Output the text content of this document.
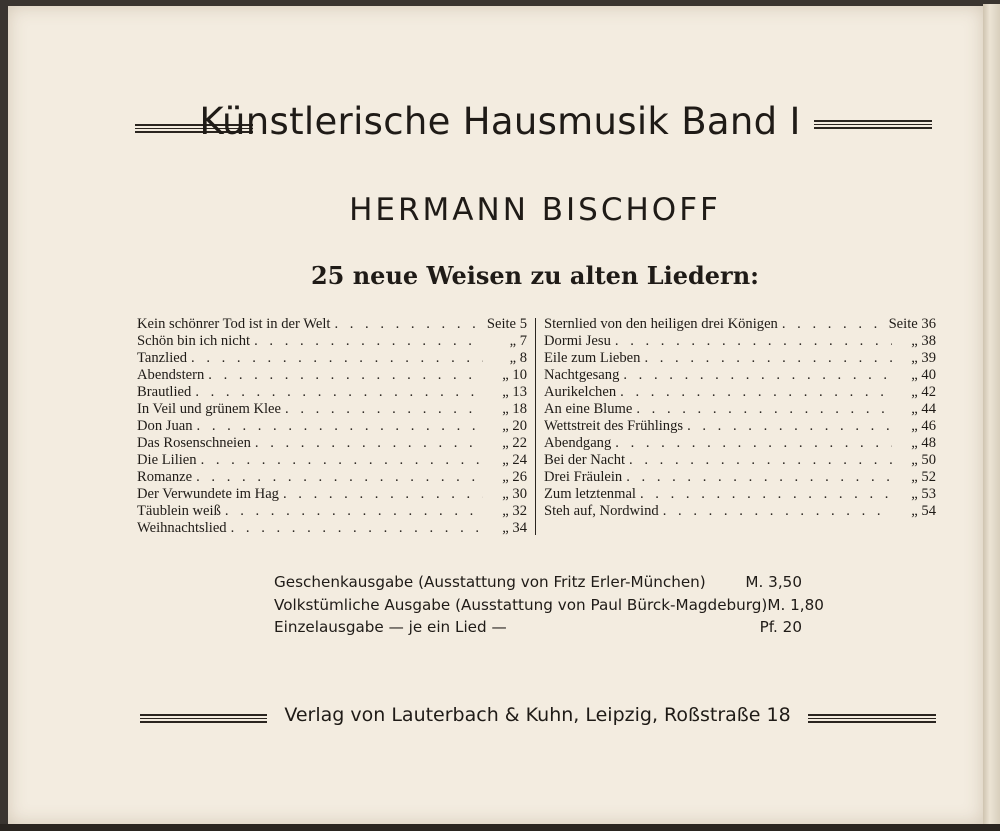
Künstlerische Hausmusik Band I
HERMANN BISCHOFF
25 neue Weisen zu alten Liedern:
Kein schönrer Tod ist in der Welt . . .	Seite 5
Schön bin ich nicht . . .	„ 7
Tanzlied . . .	„ 8
Abendstern . . .	„ 10
Brautlied . . .	„ 13
In Veil und grünem Klee . . .	„ 18
Don Juan . . .	„ 20
Das Rosenschneien . . .	„ 22
Die Lilien . . .	„ 24
Romanze . . .	„ 26
Der Verwundete im Hag . . .	„ 30
Täublein weiß . . .	„ 32
Weihnachtslied . . .	„ 34
Sternlied von den heiligen drei Königen . . .	Seite 36
Dormi Jesu . . .	„ 38
Eile zum Lieben . . .	„ 39
Nachtgesang . . .	„ 40
Aurikelchen . . .	„ 42
An eine Blume . . .	„ 44
Wettstreit des Frühlings . . .	„ 46
Abendgang . . .	„ 48
Bei der Nacht . . .	„ 50
Drei Fräulein . . .	„ 52
Zum letztenmal . . .	„ 53
Steh auf, Nordwind . . .	„ 54
Geschenkausgabe (Ausstattung von Fritz Erler-München)	M. 3,50
Volkstümliche Ausgabe (Ausstattung von Paul Bürck-Magdeburg) M. 1,80
Einzelausgabe — je ein Lied —	Pf. 20
Verlag von Lauterbach & Kuhn, Leipzig, Roßstraße 18
